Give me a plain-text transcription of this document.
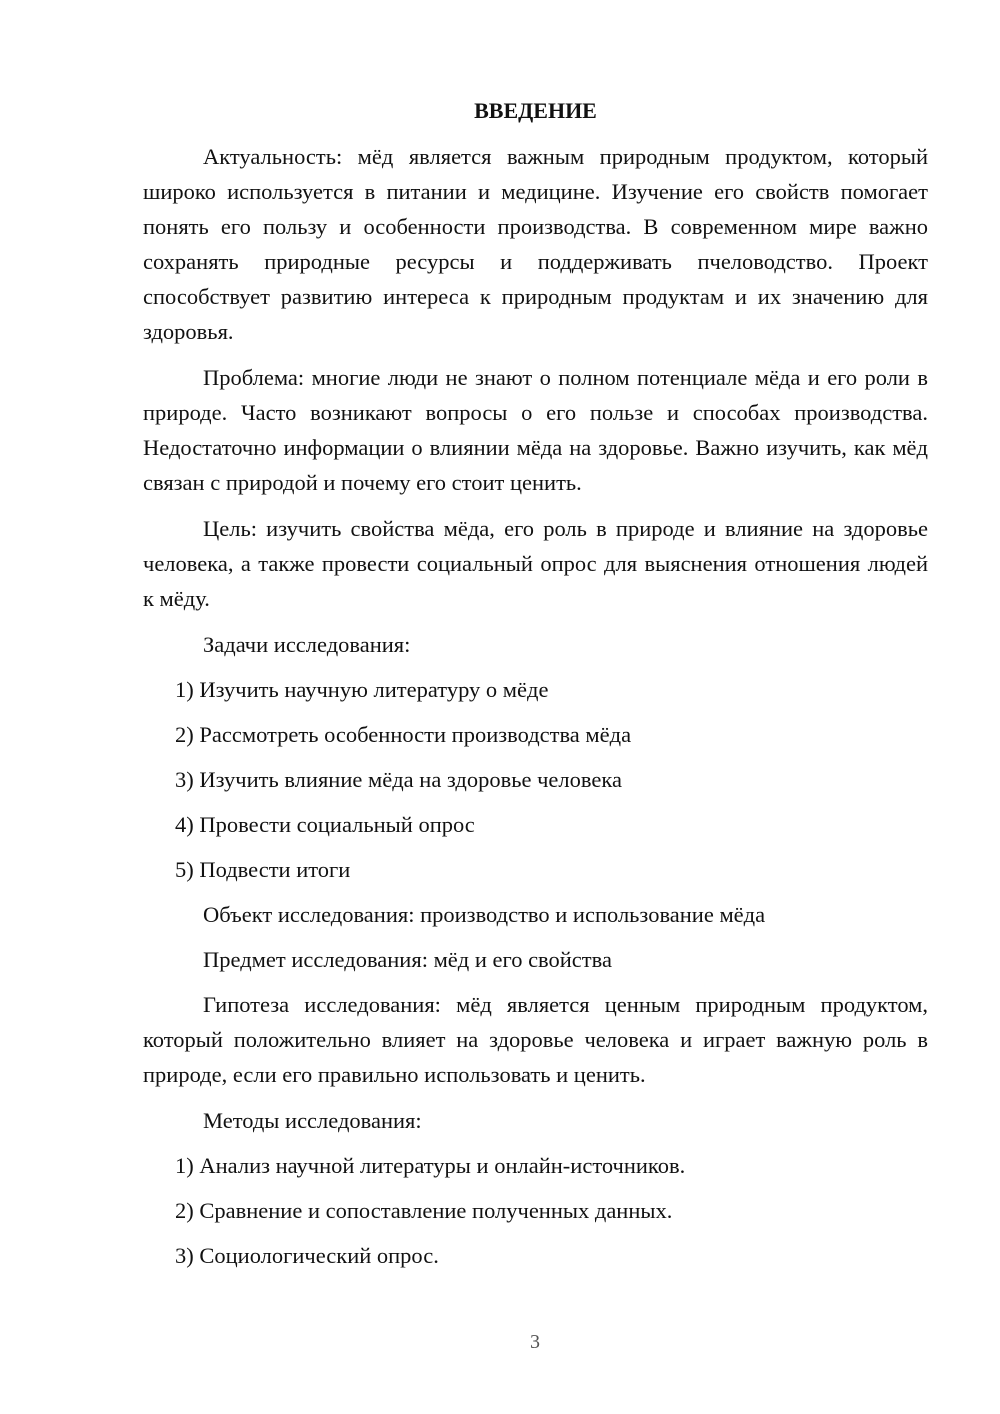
ВВЕДЕНИЕ

Актуальность: мёд является важным природным продуктом, который широко используется в питании и медицине. Изучение его свойств помогает понять его пользу и особенности производства. В современном мире важно сохранять природные ресурсы и поддерживать пчеловодство. Проект способствует развитию интереса к природным продуктам и их значению для здоровья.

Проблема: многие люди не знают о полном потенциале мёда и его роли в природе. Часто возникают вопросы о его пользе и способах производства. Недостаточно информации о влиянии мёда на здоровье. Важно изучить, как мёд связан с природой и почему его стоит ценить.

Цель: изучить свойства мёда, его роль в природе и влияние на здоровье человека, а также провести социальный опрос для выяснения отношения людей к мёду.

Задачи исследования:
1) Изучить научную литературу о мёде
2) Рассмотреть особенности производства мёда
3) Изучить влияние мёда на здоровье человека
4) Провести социальный опрос
5) Подвести итоги
Объект исследования: производство и использование мёда
Предмет исследования: мёд и его свойства

Гипотеза исследования: мёд является ценным природным продуктом, который положительно влияет на здоровье человека и играет важную роль в природе, если его правильно использовать и ценить.

Методы исследования:
1) Анализ научной литературы и онлайн-источников.
2) Сравнение и сопоставление полученных данных.
3) Социологический опрос.
3
